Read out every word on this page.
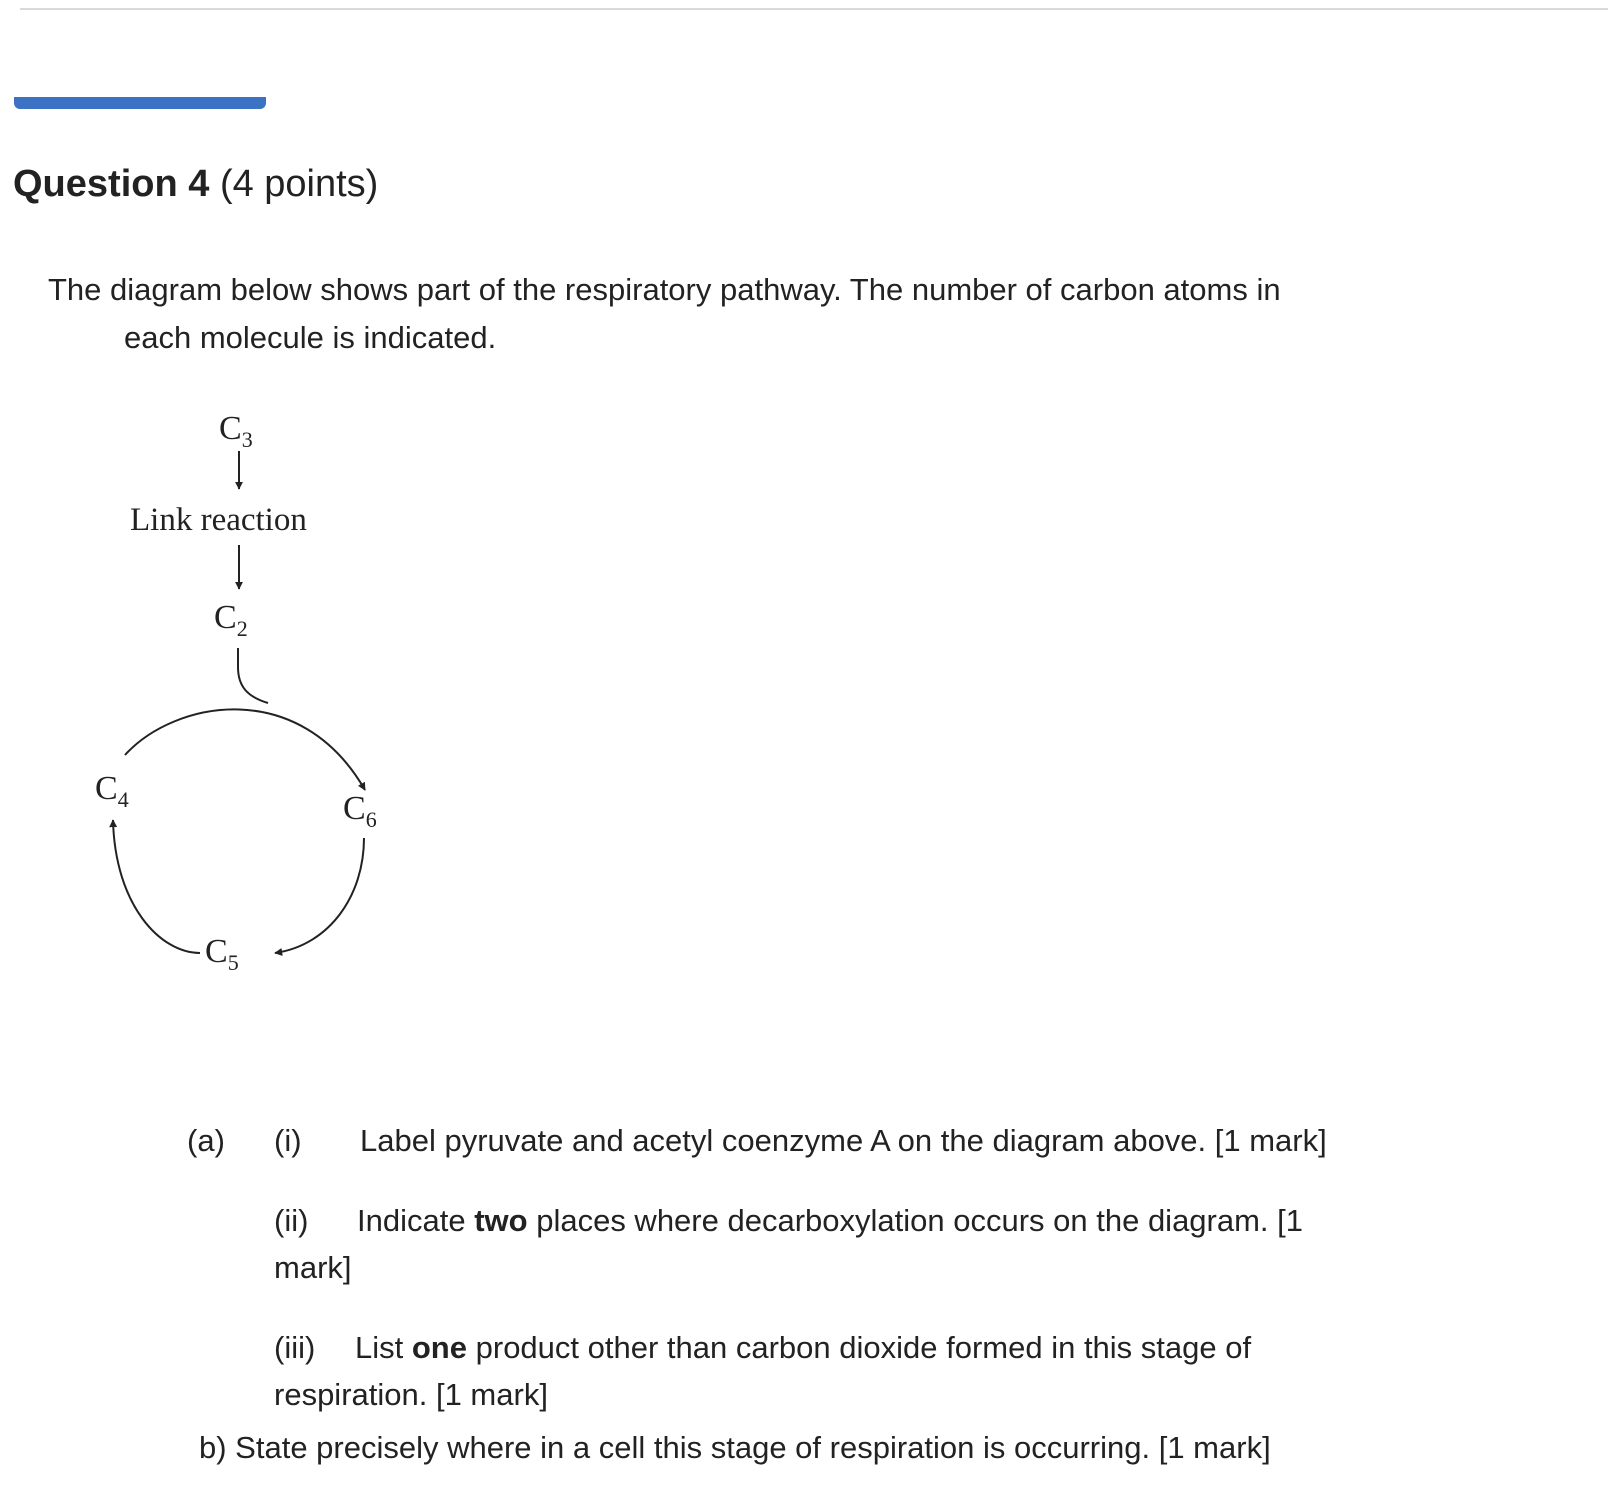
Question 4 (4 points)
The diagram below shows part of the respiratory pathway. The number of carbon atoms in
each molecule is indicated.
$C_3$
Link reaction
$C_2$
$C_4$	$C_6$
$C_5$
(a) (i) Label pyruvate and acetyl coenzyme A on the diagram above. [1 mark]
(ii) Indicate two places where decarboxylation occurs on the diagram. [1
mark]
(iii) List one product other than carbon dioxide formed in this stage of
respiration. [1 mark]
b) State precisely where in a cell this stage of respiration is occurring. [1 mark]
